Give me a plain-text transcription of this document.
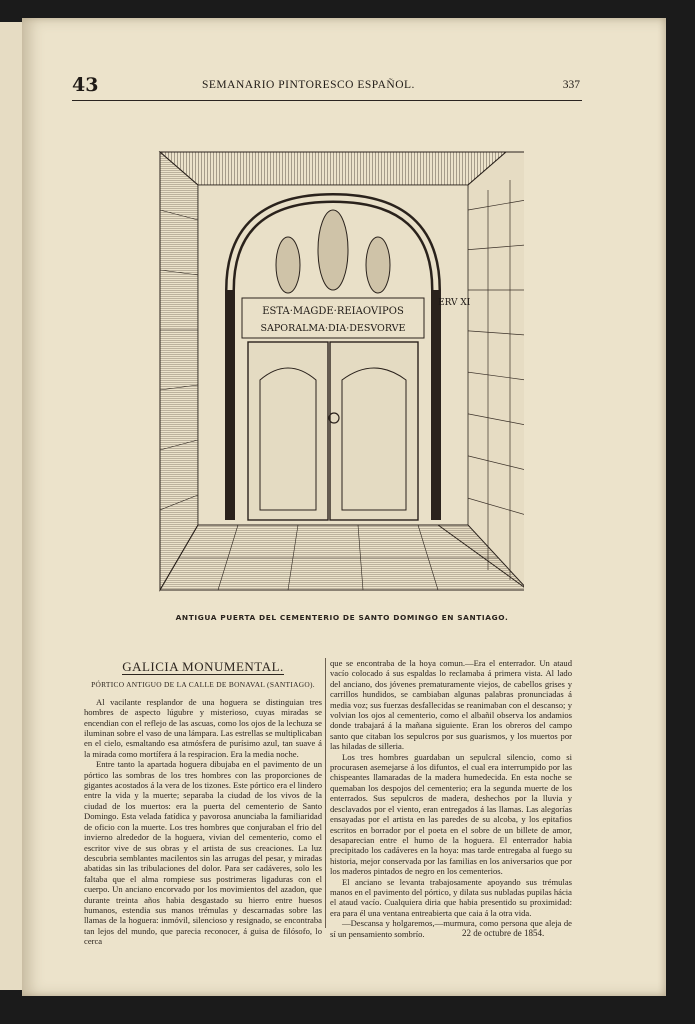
43	SEMANARIO PINTORESCO ESPAÑOL.	337
ESTA·MAGDE·REIAOVIPOS
SAPORALMA·DIA·DESVORVE
ERV XI
ANTIGUA PUERTA DEL CEMENTERIO DE SANTO DOMINGO EN SANTIAGO.
GALICIA MONUMENTAL.
PÓRTICO ANTIGUO DE LA CALLE DE BONAVAL (SANTIAGO).

Al vacilante resplandor de una hoguera se distinguian tres hombres de aspecto lúgubre y misterioso, cuyas miradas se encendian con el reflejo de las ascuas, como los ojos de la lechuza se iluminan sobre el vaso de una lámpara. Las estrellas se multiplicaban en el cielo, esmaltando esa atmósfera de purísimo azul, tan suave á la mirada como mortífera á la respiracion. Era la media noche.

Entre tanto la apartada hoguera dibujaba en el pavimento de un pórtico las sombras de los tres hombres con las proporciones de gigantes acostados á la vera de los tizones. Este pórtico era el lindero entre la vida y la muerte; separaba la ciudad de los vivos de la ciudad de los muertos: era la puerta del cementerio de Santo Domingo. Esta velada fatídica y pavorosa anunciaba la familiaridad de oficio con la muerte. Los tres hombres que conjuraban el frio del invierno alrededor de la hoguera, vivian del cementerio, como el escritor vive de sus obras y el artista de sus creaciones. La luz descubria semblantes macilentos sin las arrugas del pesar, y miradas abatidas sin las tribulaciones del dolor. Para ser cadáveres, solo les faltaba que el alma rompiese sus postrimeras ligaduras con el cuerpo. Un anciano encorvado por los movimientos del azadon, que durante treinta años habia desgastado su hierro entre huesos humanos, estendia sus manos trémulas y descarnadas sobre las llamas de la hoguera: inmóvil, silencioso y resignado, se encontraba tan lejos del mundo, que parecia reconocer, á guisa de filósofo, lo cerca

que se encontraba de la hoya comun.—Era el enterrador. Un ataud vacío colocado á sus espaldas lo reclamaba á primera vista. Al lado del anciano, dos jóvenes prematuramente viejos, de cabellos grises y carrillos hundidos, se cambiaban algunas palabras pronunciadas á media voz; sus fuerzas desfallecidas se reanimaban con el descanso; y volvian los ojos al cementerio, como el albañil observa los andamios donde trabajará á la mañana siguiente. Eran los obreros del campo santo que citaban los sepulcros por sus guarismos, y los muertos por las hiladas de silleria.

Los tres hombres guardaban un sepulcral silencio, como si procurasen asemejarse á los difuntos, el cual era interrumpido por las chispeantes llamaradas de la madera humedecida. En esta noche se quemaban los despojos del cementerio; era la segunda muerte de los enterrados. Sus sepulcros de madera, deshechos por la lluvia y desclavados por el viento, eran entregados á las llamas. Las alegorías ensayadas por el artista en las paredes de su alcoba, y los epitafios escritos en borrador por el poeta en el sobre de un billete de amor, desaparecian entre el humo de la hoguera. El enterrador habia precipitado los cadáveres en la hoya: mas tarde entregaba al fuego su historia, mejor conservada por las familias en los aniversarios que por los maderos pintados de negro en los cementerios.

El anciano se levanta trabajosamente apoyando sus trémulas manos en el pavimento del pórtico, y dilata sus nubladas pupilas hácia el ataud vacío. Cualquiera diria que habia presentido su proximidad: era para él una ventana entreabierta que caia á la otra vida.

—Descansa y holgaremos,—murmura, como persona que aleja de sí un pensamiento sombrío.	22 de octubre de 1854.
